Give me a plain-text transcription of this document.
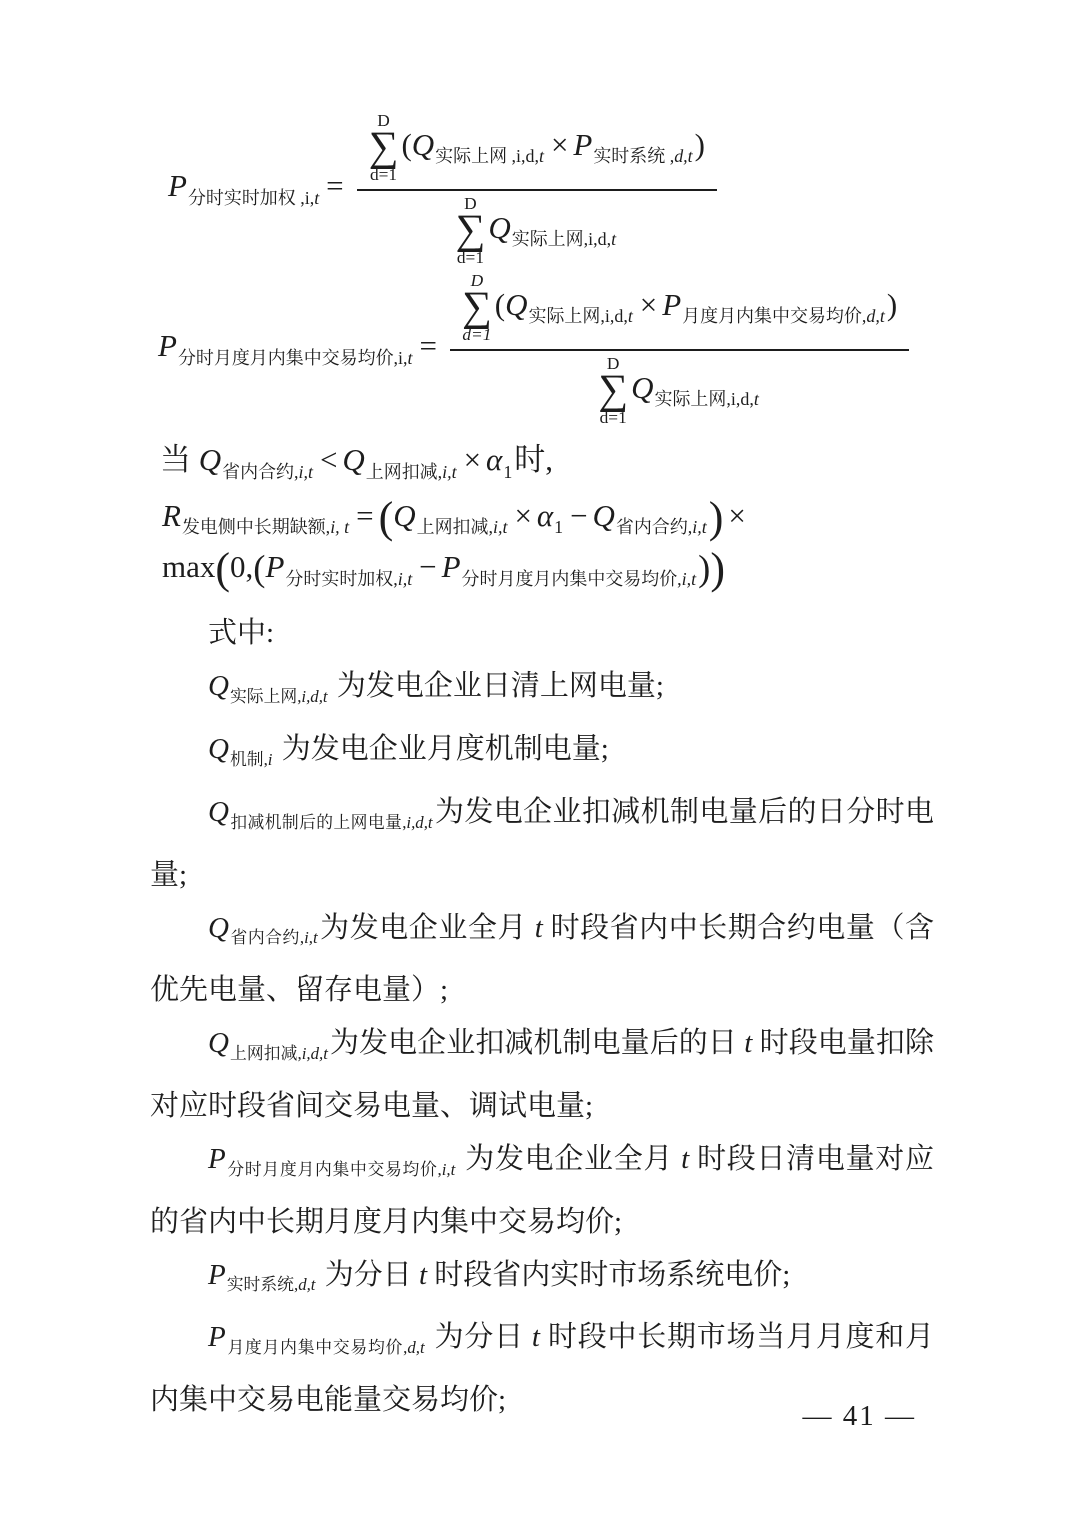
$P_{分时实时加权 ,i,t}$ =
D
∑
d=1
$(Q_{实际上网 ,i,d,t} \times P_{实时系统 ,d,t})$
D
∑
d=1
$Q_{实际上网,i,d,t}$
$P_{分时月度月内集中交易均价,i,t}$ =
D
∑
d=1
$(Q_{实际上网,i,d,t} \times P_{月度月内集中交易均价,d,t})$
D
∑
d=1
$Q_{实际上网,i,d,t}$
当 $Q_{省内合约,i,t} < Q_{上网扣减,i,t} \times \alpha_1$时,
$R_{发电侧中长期缺额,i, t} = (Q_{上网扣减,i,t} \times \alpha_1 - Q_{省内合约,i,t})$ ×
$\max(0,(P_{分时实时加权,i,t} - P_{分时月度月内集中交易均价,i,t}))$

式中:

$Q_{实际上网,i,d,t}$ 为发电企业日清上网电量;

$Q_{机制,i}$ 为发电企业月度机制电量;

$Q_{扣减机制后的上网电量,i,d,t}$为发电企业扣减机制电量后的日分时电量;

$Q_{省内合约,i,t}$为发电企业全月 t 时段省内中长期合约电量（含优先电量、留存电量）;

$Q_{上网扣减,i,d,t}$为发电企业扣减机制电量后的日 t 时段电量扣除对应时段省间交易电量、调试电量;

$P_{分时月度月内集中交易均价,i,t}$ 为发电企业全月 t 时段日清电量对应的省内中长期月度月内集中交易均价;

$P_{实时系统,d,t}$ 为分日 t 时段省内实时市场系统电价;

$P_{月度月内集中交易均价,d,t}$ 为分日 t 时段中长期市场当月月度和月内集中交易电能量交易均价;	— 41 —
